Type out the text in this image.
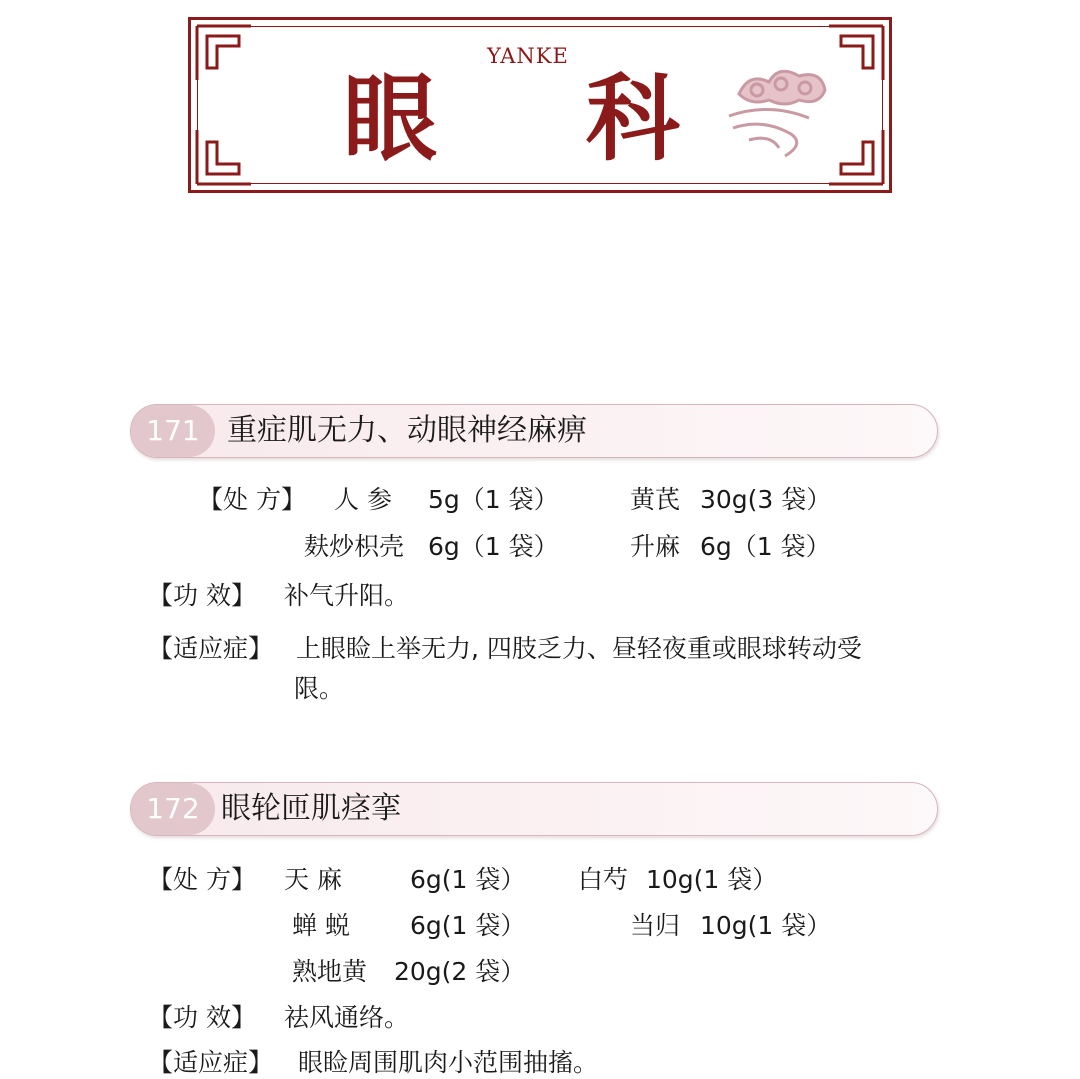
YANKE
眼 科
171 重症肌无力、动眼神经麻痹
【处 方】 人 参 5g（1 袋）	黄芪 30g(3 袋）
麸炒枳壳 6g（1 袋）	升麻 6g（1 袋）
【功 效】 补气升阳。
【适应症】 上眼睑上举无力, 四肢乏力、昼轻夜重或眼球转动受
限。
172 眼轮匝肌痉挛
【处 方】 天 麻	6g(1 袋） 白芍 10g(1 袋）
蝉 蜕 6g(1 袋）	当归 10g(1 袋）
熟地黄 20g(2 袋）
【功 效】 祛风通络。
【适应症】 眼睑周围肌肉小范围抽搐。
